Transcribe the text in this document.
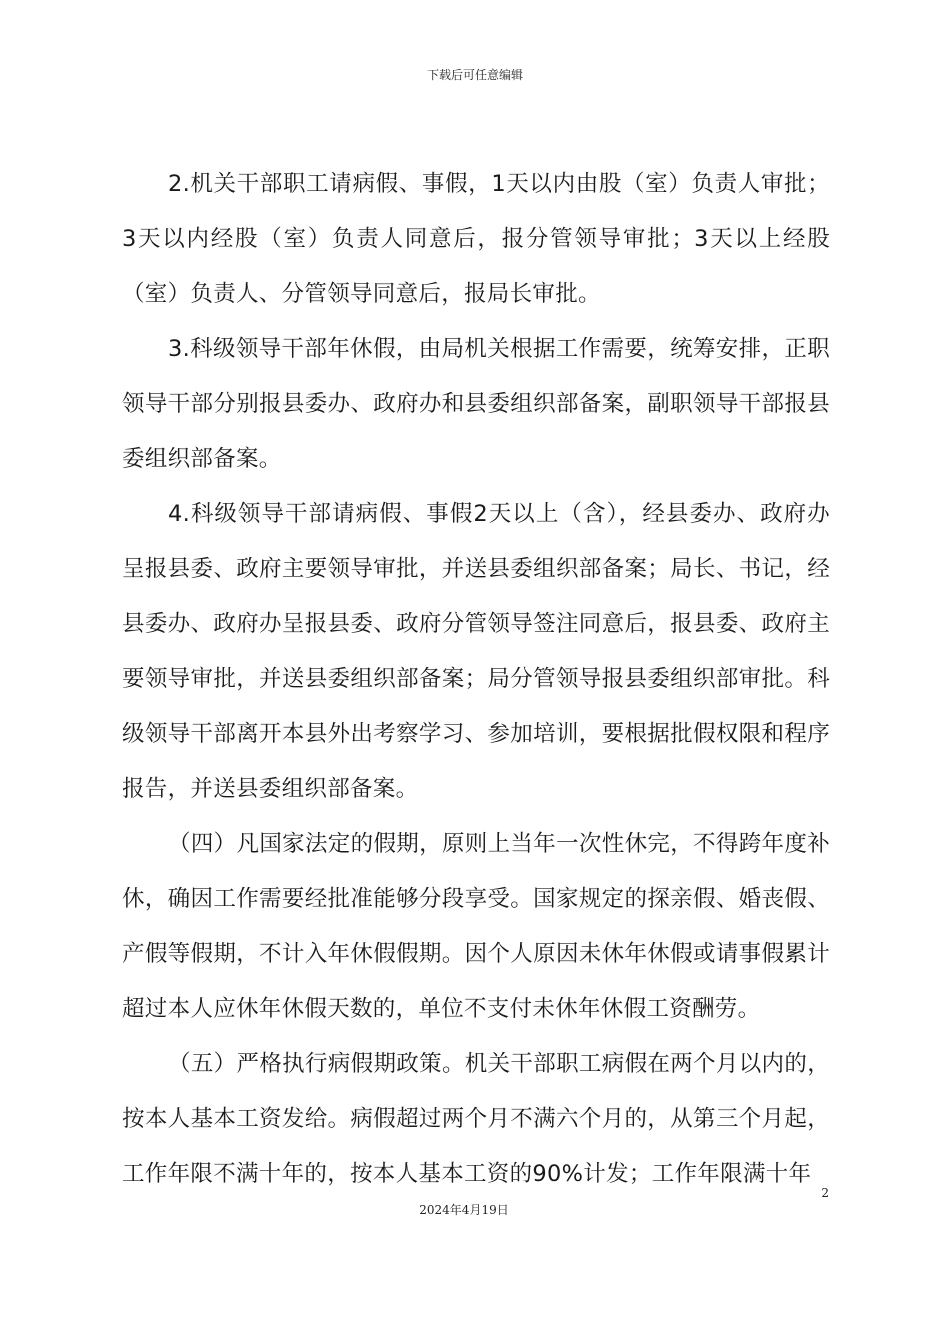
下载后可任意编辑

2.机关干部职工请病假、事假，1天以内由股（室）负责人审批；3天以内经股（室）负责人同意后，报分管领导审批；3天以上经股（室）负责人、分管领导同意后，报局长审批。

3.科级领导干部年休假，由局机关根据工作需要，统筹安排，正职领导干部分别报县委办、政府办和县委组织部备案，副职领导干部报县委组织部备案。

4.科级领导干部请病假、事假2天以上（含），经县委办、政府办呈报县委、政府主要领导审批，并送县委组织部备案；局长、书记，经县委办、政府办呈报县委、政府分管领导签注同意后，报县委、政府主要领导审批，并送县委组织部备案；局分管领导报县委组织部审批。科级领导干部离开本县外出考察学习、参加培训，要根据批假权限和程序报告，并送县委组织部备案。

（四）凡国家法定的假期，原则上当年一次性休完，不得跨年度补休，确因工作需要经批准能够分段享受。国家规定的探亲假、婚丧假、产假等假期，不计入年休假假期。因个人原因未休年休假或请事假累计超过本人应休年休假天数的，单位不支付未休年休假工资酬劳。

（五）严格执行病假期政策。机关干部职工病假在两个月以内的，按本人基本工资发给。病假超过两个月不满六个月的，从第三个月起，工作年限不满十年的，按本人基本工资的90%计发；工作年限满十年

2
2024年4月19日
